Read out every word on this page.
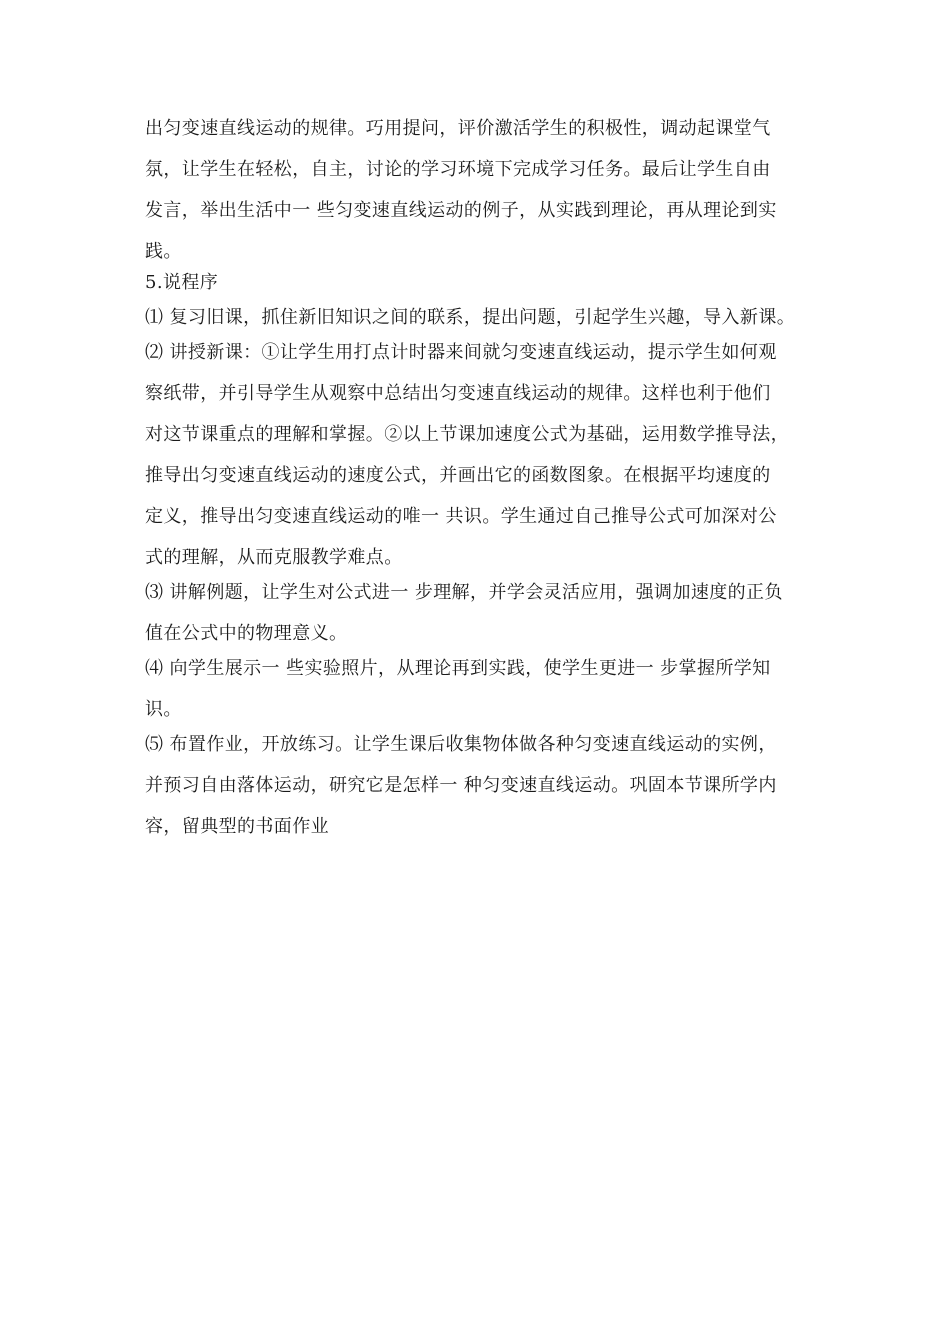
出匀变速直线运动的规律。巧用提问，评价激活学生的积极性，调动起课堂气
氛，让学生在轻松，自主，讨论的学习环境下完成学习任务。最后让学生自由
发言，举出生活中一 些匀变速直线运动的例子，从实践到理论，再从理论到实
践。
5.说程序
⑴ 复习旧课，抓住新旧知识之间的联系，提出问题，引起学生兴趣，导入新课。
⑵ 讲授新课：①让学生用打点计时器来间就匀变速直线运动，提示学生如何观
察纸带，并引导学生从观察中总结出匀变速直线运动的规律。这样也利于他们
对这节课重点的理解和掌握。②以上节课加速度公式为基础，运用数学推导法，
推导出匀变速直线运动的速度公式，并画出它的函数图象。在根据平均速度的
定义，推导出匀变速直线运动的唯一 共识。学生通过自己推导公式可加深对公
式的理解，从而克服教学难点。
⑶ 讲解例题，让学生对公式进一 步理解，并学会灵活应用，强调加速度的正负
值在公式中的物理意义。
⑷ 向学生展示一 些实验照片，从理论再到实践，使学生更进一 步掌握所学知
识。
⑸ 布置作业，开放练习。让学生课后收集物体做各种匀变速直线运动的实例，
并预习自由落体运动，研究它是怎样一 种匀变速直线运动。巩固本节课所学内
容，留典型的书面作业
